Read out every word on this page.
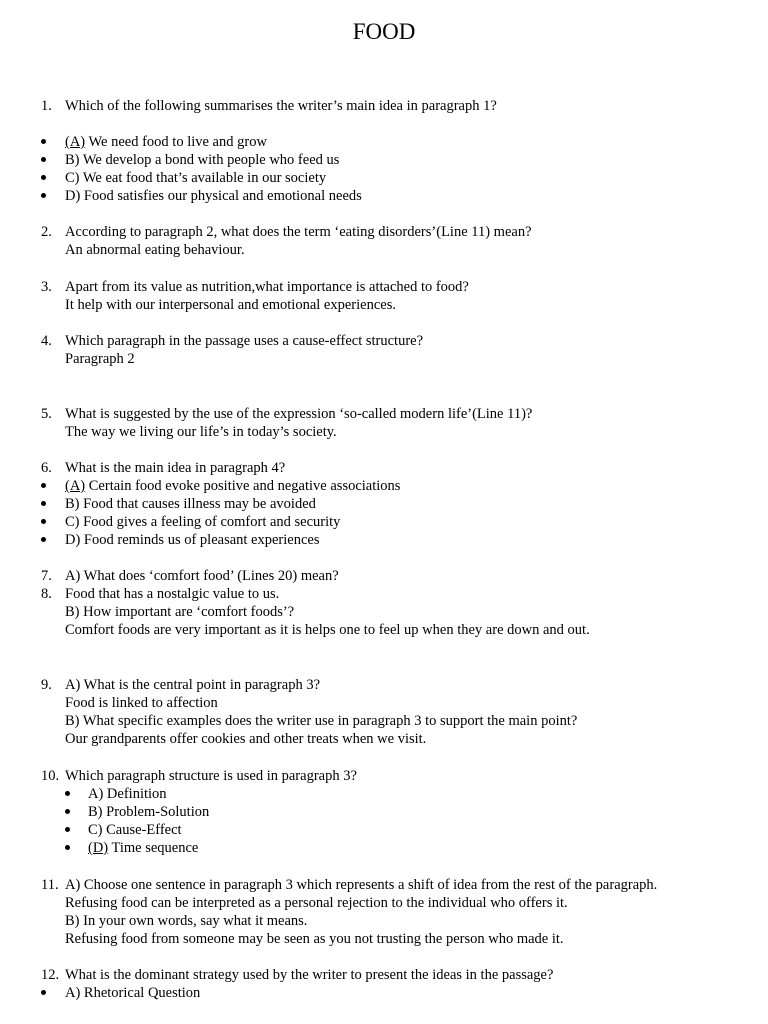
FOOD
1. Which of the following summarises the writer’s main idea in paragraph 1?
(A) We need food to live and grow
B) We develop a bond with people who feed us
C) We eat food that’s available in our society
D) Food satisfies our physical and emotional needs
2. According to paragraph 2, what does the term ‘eating disorders’(Line 11) mean?
An abnormal eating behaviour.
3. Apart from its value as nutrition,what importance is attached to food?
It help with our interpersonal and emotional experiences.
4. Which paragraph in the passage uses a cause-effect structure?
Paragraph 2
5. What is suggested by the use of the expression ‘so-called modern life’(Line 11)?
The way we living our life’s in today’s society.
6. What is the main idea in paragraph 4?
(A) Certain food evoke positive and negative associations
B) Food that causes illness may be avoided
C) Food gives a feeling of comfort and security
D) Food reminds us of pleasant experiences
7. A) What does ‘comfort food’ (Lines 20) mean?
8. Food that has a nostalgic value to us.
B) How important are ‘comfort foods’?
Comfort foods are very important as it is helps one to feel up when they are down and out.
9. A) What is the central point in paragraph 3?
Food is linked to affection
B) What specific examples does the writer use in paragraph 3 to support the main point?
Our grandparents offer cookies and other treats when we visit.
10. Which paragraph structure is used in paragraph 3?
A) Definition
B) Problem-Solution
C) Cause-Effect
(D) Time sequence
11. A) Choose one sentence in paragraph 3 which represents a shift of idea from the rest of the paragraph.
Refusing food can be interpreted as a personal rejection to the individual who offers it.
B) In your own words, say what it means.
Refusing food from someone may be seen as you not trusting the person who made it.
12. What is the dominant strategy used by the writer to present the ideas in the passage?
A) Rhetorical Question
